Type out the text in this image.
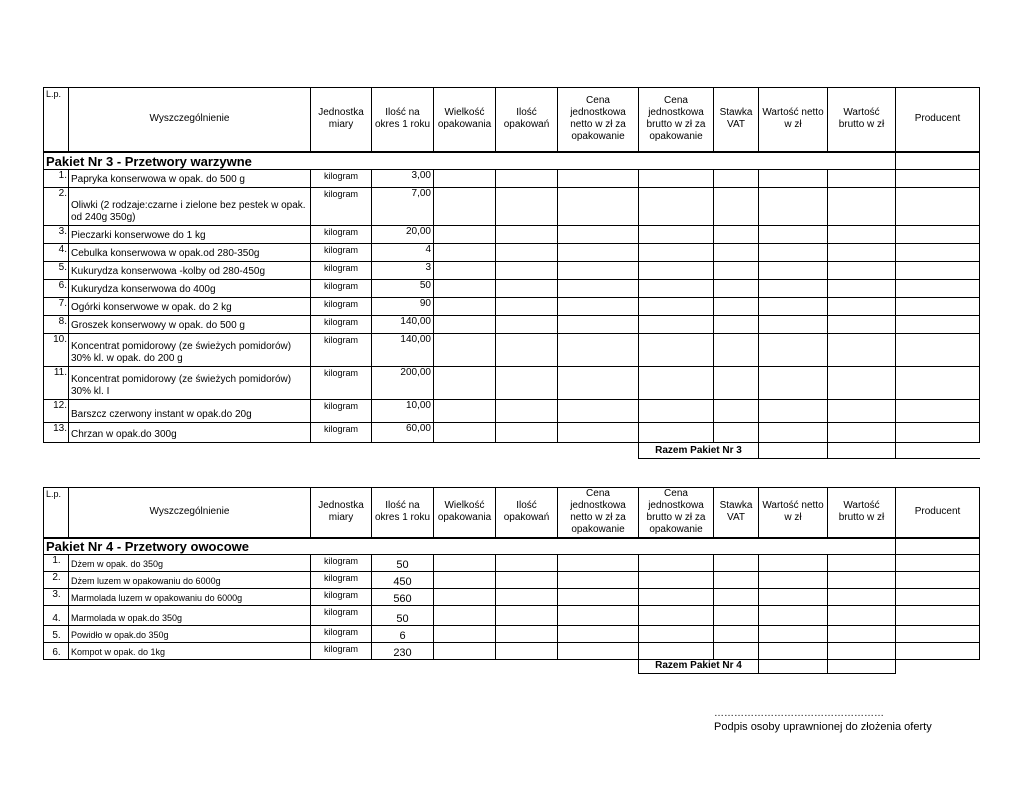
L.p.	Wyszczególnienie	Jednostka miary	Ilość na okres 1 roku	Wielkość opakowania	Ilość opakowań	Cena jednostkowa netto w zł za opakowanie	Cena jednostkowa brutto w zł za opakowanie	Stawka VAT	Wartość netto w zł	Wartość brutto w zł	Producent
Pakiet Nr 3 - Przetwory warzywne											
1.	Papryka konserwowa w opak. do 500 g	kilogram	3,00								
2.	Oliwki (2 rodzaje:czarne i zielone bez pestek w opak. od 240g 350g)	kilogram	7,00								
3.	Pieczarki konserwowe do 1 kg	kilogram	20,00								
4.	Cebulka konserwowa w opak.od 280-350g	kilogram	4								
5.	Kukurydza konserwowa -kolby od 280-450g	kilogram	3								
6.	Kukurydza konserwowa do 400g	kilogram	50								
7.	Ogórki konserwowe w opak. do 2 kg	kilogram	90								
8.	Groszek konserwowy w opak. do 500 g	kilogram	140,00								
10.	Koncentrat pomidorowy (ze świeżych pomidorów) 30% kl. w opak. do 200 g	kilogram	140,00								
11.	Koncentrat pomidorowy (ze świeżych pomidorów) 30% kl. I	kilogram	200,00								
12.	Barszcz czerwony instant w opak.do 20g	kilogram	10,00								
13.	Chrzan w opak.do 300g	kilogram	60,00								
							Razem Pakiet Nr 3				
L.p.	Wyszczególnienie	Jednostka miary	Ilość na okres 1 roku	Wielkość opakowania	Ilość opakowań	Cena jednostkowa netto w zł za opakowanie	Cena jednostkowa brutto w zł za opakowanie	Stawka VAT	Wartość netto w zł	Wartość brutto w zł	Producent
Pakiet Nr 4 - Przetwory owocowe											
1.	Dżem w opak. do 350g	kilogram	50								
2.	Dżem luzem w opakowaniu do 6000g	kilogram	450								
3.	Marmolada luzem w opakowaniu do 6000g	kilogram	560								
4.	Marmolada w opak.do 350g	kilogram	50								
5.	Powidło w opak.do 350g	kilogram	6								
6.	Kompot w opak. do 1kg	kilogram	230								
							Razem Pakiet Nr 4				
……………………………………………
Podpis osoby uprawnionej do złożenia oferty
